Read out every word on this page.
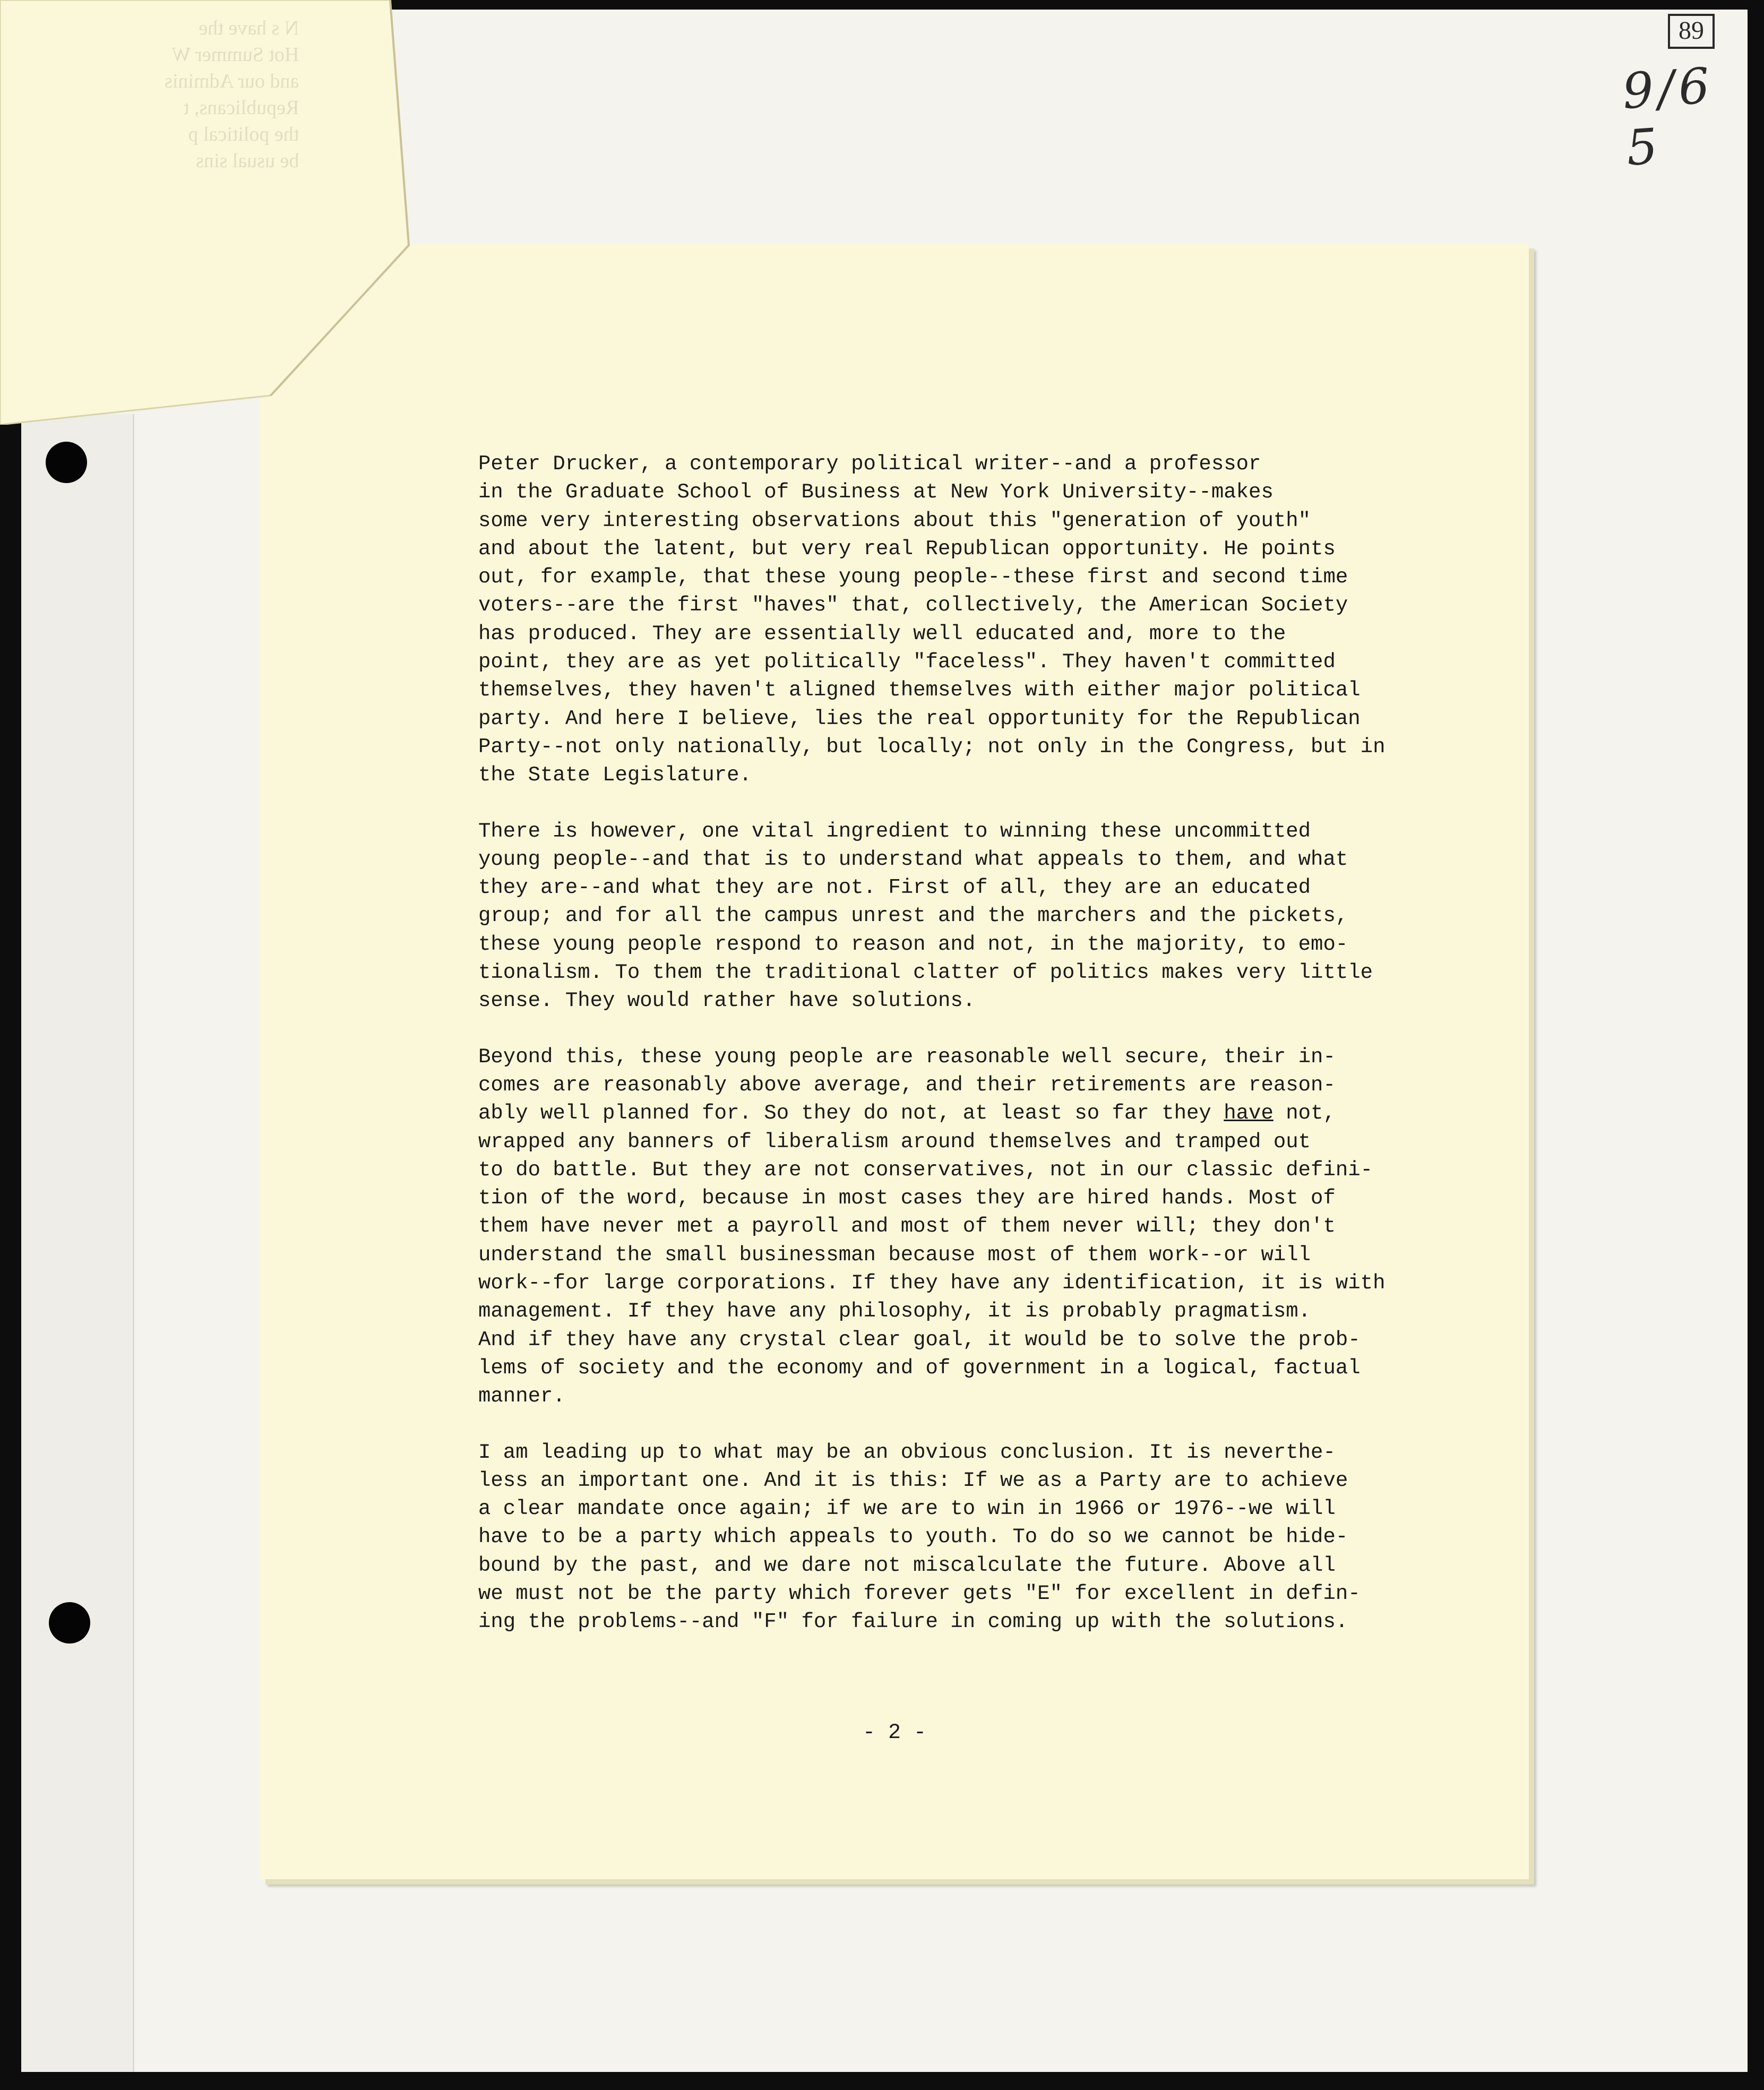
89
9/6 5
Peter Drucker, a contemporary political writer--and a professor
in the Graduate School of Business at New York University--makes
some very interesting observations about this "generation of youth"
and about the latent, but very real Republican opportunity. He points
out, for example, that these young people--these first and second time
voters--are the first "haves" that, collectively, the American Society
has produced. They are essentially well educated and, more to the
point, they are as yet politically "faceless". They haven't committed
themselves, they haven't aligned themselves with either major political
party. And here I believe, lies the real opportunity for the Republican
Party--not only nationally, but locally; not only in the Congress, but in
the State Legislature.
There is however, one vital ingredient to winning these uncommitted
young people--and that is to understand what appeals to them, and what
they are--and what they are not. First of all, they are an educated
group; and for all the campus unrest and the marchers and the pickets,
these young people respond to reason and not, in the majority, to emo-
tionalism. To them the traditional clatter of politics makes very little
sense. They would rather have solutions.
Beyond this, these young people are reasonable well secure, their in-
comes are reasonably above average, and their retirements are reason-
ably well planned for. So they do not, at least so far they have not,
wrapped any banners of liberalism around themselves and tramped out
to do battle. But they are not conservatives, not in our classic defini-
tion of the word, because in most cases they are hired hands. Most of
them have never met a payroll and most of them never will; they don't
understand the small businessman because most of them work--or will
work--for large corporations. If they have any identification, it is with
management. If they have any philosophy, it is probably pragmatism.
And if they have any crystal clear goal, it would be to solve the prob-
lems of society and the economy and of government in a logical, factual
manner.
I am leading up to what may be an obvious conclusion. It is neverthe-
less an important one. And it is this: If we as a Party are to achieve
a clear mandate once again; if we are to win in 1966 or 1976--we will
have to be a party which appeals to youth. To do so we cannot be hide-
bound by the past, and we dare not miscalculate the future. Above all
we must not be the party which forever gets "E" for excellent in defin-
ing the problems--and "F" for failure in coming up with the solutions.
- 2 -
N s have the
Hot Summer W
and our Adminis
Republicans, t
the political p
be usual sins
